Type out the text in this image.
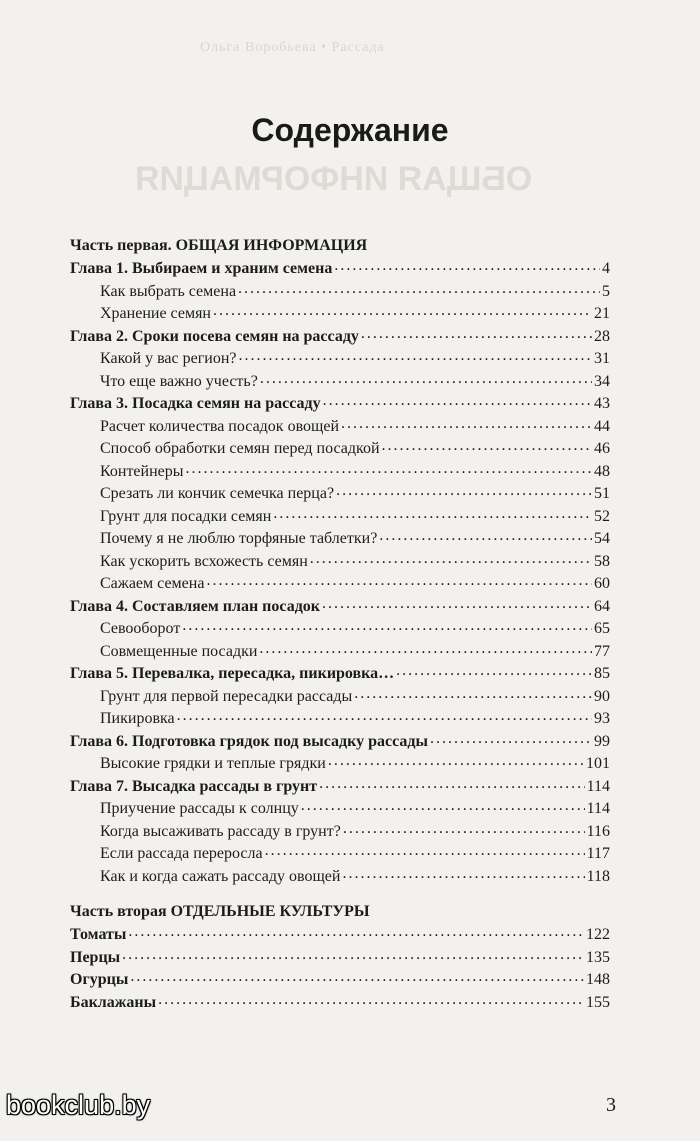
Ольга Воробьева • Рассада
ОБЩАЯ ИНФОРМАЦИЯ
Содержание
Часть первая. ОБЩАЯ ИНФОРМАЦИЯ
Глава 1. Выбираем и храним семена . . .	4
Как выбрать семена . . .	5
Хранение семян . . .	21
Глава 2. Сроки посева семян на рассаду . . .	28
Какой у вас регион? . . .	31
Что еще важно учесть? . . .	34
Глава 3. Посадка семян на рассаду . . .	43
Расчет количества посадок овощей . . .	44
Способ обработки семян перед посадкой . . .	46
Контейнеры . . .	48
Срезать ли кончик семечка перца? . . .	51
Грунт для посадки семян . . .	52
Почему я не люблю торфяные таблетки? . . .	54
Как ускорить всхожесть семян . . .	58
Сажаем семена . . .	60
Глава 4. Составляем план посадок . . .	64
Севооборот . . .	65
Совмещенные посадки . . .	77
Глава 5. Перевалка, пересадка, пикировка… . . .	85
Грунт для первой пересадки рассады . . .	90
Пикировка . . .	93
Глава 6. Подготовка грядок под высадку рассады . . .	99
Высокие грядки и теплые грядки . . .	101
Глава 7. Высадка рассады в грунт . . .	114
Приучение рассады к солнцу . . .	114
Когда высаживать рассаду в грунт? . . .	116
Если рассада переросла . . .	117
Как и когда сажать рассаду овощей . . .	118
Часть вторая ОТДЕЛЬНЫЕ КУЛЬТУРЫ
Томаты . . .	122
Перцы . . .	135
Огурцы . . .	148
Баклажаны . . .	155
bookclub.by	3
